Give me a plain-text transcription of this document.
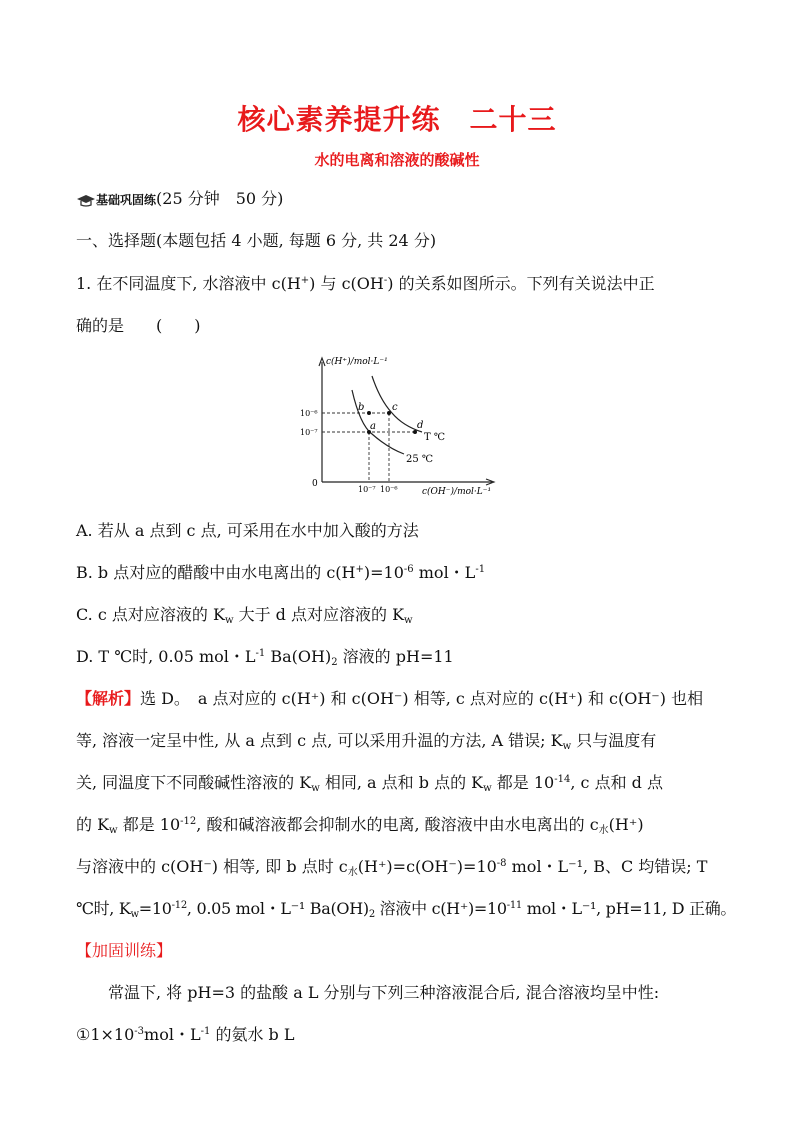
核心素养提升练　二十三
水的电离和溶液的酸碱性
基础巩固练(25 分钟　50 分)
一、选择题(本题包括 4 小题, 每题 6 分, 共 24 分)
1. 在不同温度下, 水溶液中 c(H+) 与 c(OH-) 的关系如图所示。下列有关说法中正
确的是　　(　　)
c(H⁺)/mol·L⁻¹
c(OH⁻)/mol·L⁻¹
0
a
b	c
d
T ℃
25 ℃
10⁻⁶
10⁻⁷
10⁻⁷ 10⁻⁶
A. 若从 a 点到 c 点, 可采用在水中加入酸的方法
B. b 点对应的醋酸中由水电离出的 $c(H^+)=10^{-6}$ mol・$L^{-1}$
C. c 点对应溶液的 $K_w$ 大于 d 点对应溶液的 $K_w$
D. T ℃时, 0.05 mol・$L^{-1}$ $Ba(OH)_2$ 溶液的 pH=11
【解析】选 D。　a 点对应的 c(H⁺) 和 c(OH⁻) 相等, c 点对应的 c(H⁺) 和 c(OH⁻) 也相
等, 溶液一定呈中性, 从 a 点到 c 点, 可以采用升温的方法, A 错误; $K_w$ 只与温度有
关, 同温度下不同酸碱性溶液的 $K_w$ 相同, a 点和 b 点的 $K_w$ 都是 $10^{-14}$, c 点和 d 点
的 $K_w$ 都是 $10^{-12}$, 酸和碱溶液都会抑制水的电离, 酸溶液中由水电离出的 $c_水(H^+)$
与溶液中的 c(OH⁻) 相等, 即 b 点时 $c_水(H^+)=c(OH^-)=10^{-8}$ mol・L⁻¹, B、C 均错误; T
℃时, $K_w=10^{-12}$, 0.05 mol・L⁻¹ $Ba(OH)_2$ 溶液中 $c(H^+)=10^{-11}$ mol・L⁻¹, pH=11, D 正确。
【加固训练】
常温下, 将 pH=3 的盐酸 a L 分别与下列三种溶液混合后, 混合溶液均呈中性:
$①1\times 10^{-3}mol$・$L^{-1}$ 的氨水 b L
